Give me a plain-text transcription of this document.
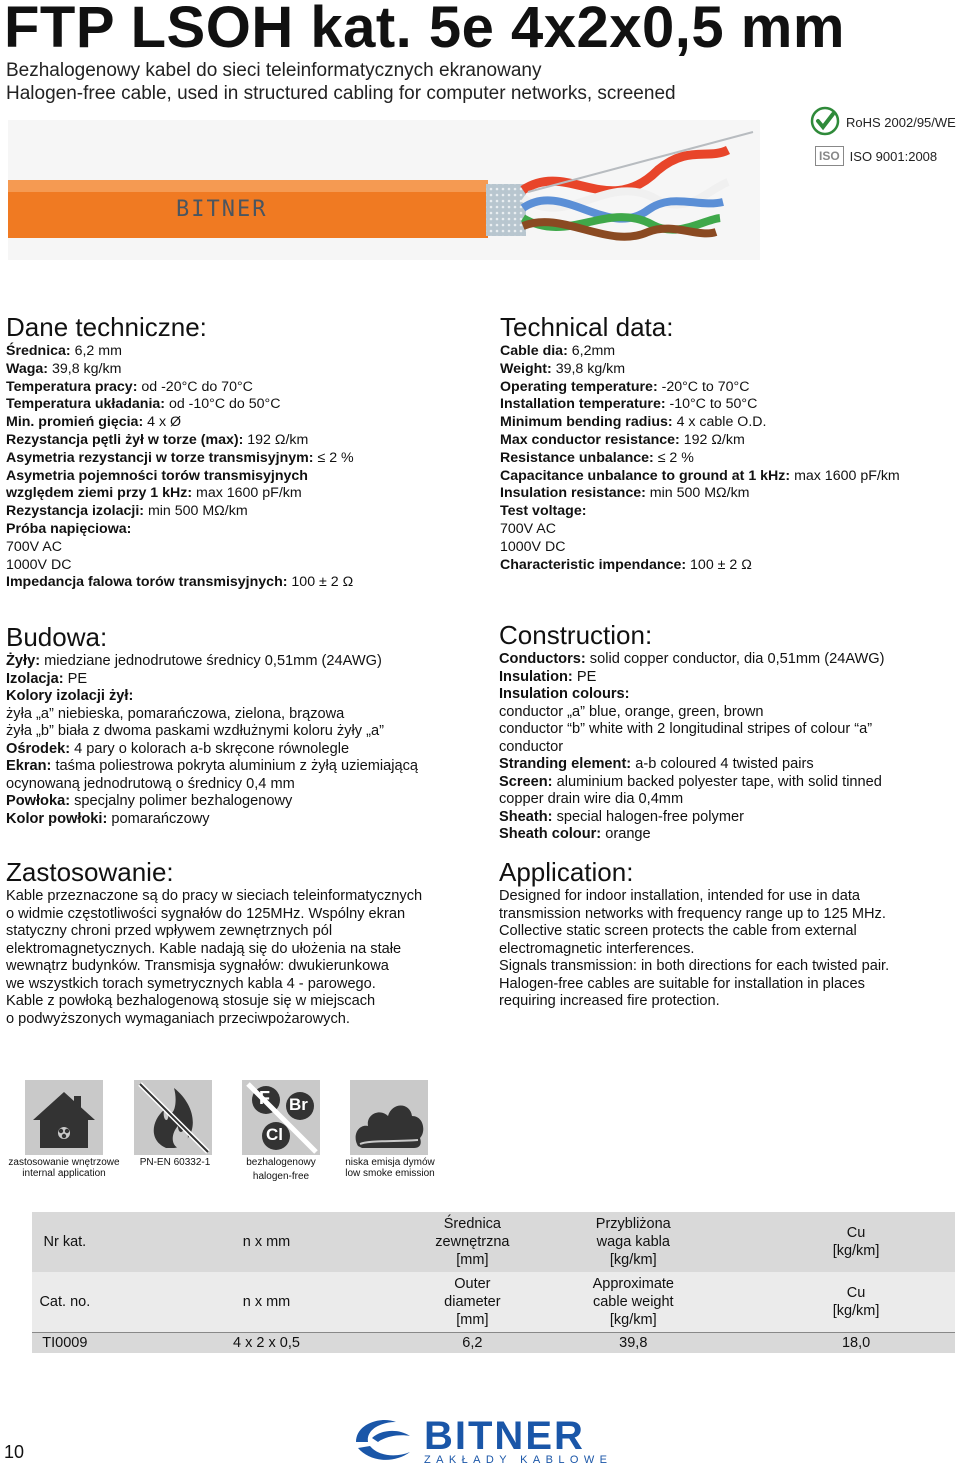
FTP LSOH kat. 5e 4x2x0,5 mm
Bezhalogenowy kabel do sieci teleinformatycznych ekranowany
Halogen-free cable, used in structured cabling for computer networks, screened
RoHS 2002/95/WE
ISO ISO 9001:2008
BITNER
Dane techniczne:
Średnica: 6,2 mm
Waga: 39,8 kg/km
Temperatura pracy: od -20°C do 70°C
Temperatura układania: od -10°C do 50°C
Min. promień gięcia: 4 x Ø
Rezystancja pętli żył w torze (max): 192 Ω/km
Asymetria rezystancji w torze transmisyjnym: ≤ 2 %
Asymetria pojemności torów transmisyjnych
względem ziemi przy 1 kHz: max 1600 pF/km
Rezystancja izolacji: min 500 MΩ/km
Próba napięciowa:
700V AC
1000V DC
Impedancja falowa torów transmisyjnych: 100 ± 2 Ω
Technical data:
Cable dia: 6,2mm
Weight: 39,8 kg/km
Operating temperature: -20°C to 70°C
Installation temperature: -10°C to 50°C
Minimum bending radius: 4 x cable O.D.
Max conductor resistance: 192 Ω/km
Resistance unbalance: ≤ 2 %
Capacitance unbalance to ground at 1 kHz: max 1600 pF/km
Insulation resistance: min 500 MΩ/km
Test voltage:
700V AC
1000V DC
Characteristic impendance: 100 ± 2 Ω
Budowa:
Żyły: miedziane jednodrutowe średnicy 0,51mm (24AWG)
Izolacja: PE
Kolory izolacji żył:
żyła „a” niebieska, pomarańczowa, zielona, brązowa
żyła „b” biała z dwoma paskami wzdłużnymi koloru żyły „a”
Ośrodek: 4 pary o kolorach a-b skręcone równolegle
Ekran: taśma poliestrowa pokryta aluminium z żyłą uziemiającą
ocynowaną jednodrutową o średnicy 0,4 mm
Powłoka: specjalny polimer bezhalogenowy
Kolor powłoki: pomarańczowy
Construction:
Conductors: solid copper conductor, dia 0,51mm (24AWG)
Insulation: PE
Insulation colours:
conductor „a” blue, orange, green, brown
conductor “b” white with 2 longitudinal stripes of colour “a”
conductor
Stranding element: a-b coloured 4 twisted pairs
Screen: aluminium backed polyester tape, with solid tinned
copper drain wire dia 0,4mm
Sheath: special halogen-free polymer
Sheath colour: orange
Zastosowanie:
Kable przeznaczone są do pracy w sieciach teleinformatycznych
o widmie częstotliwości sygnałów do 125MHz. Wspólny ekran
statyczny chroni przed wpływem zewnętrznych pól
elektromagnetycznych. Kable nadają się do ułożenia na stałe
wewnątrz budynków. Transmisja sygnałów: dwukierunkowa
we wszystkich torach symetrycznych kabla 4 - parowego.
Kable z powłoką bezhalogenową stosuje się w miejscach
o podwyższonych wymaganiach przeciwpożarowych.
Application:
Designed for indoor installation, intended for use in data
transmission networks with frequency range up to 125 MHz.
Collective static screen protects the cable from external
electromagnetic interferences.
Signals transmission: in both directions for each twisted pair.
Halogen-free cables are suitable for installation in places
requiring increased fire protection.
F Br
Cl
zastosowanie wnętrzowe
internal application
PN-EN 60332-1	bezhalogenowy
halogen-free
niska emisja dymów
low smoke emission
Nr kat.	n x mm	Średnica
zewnętrzna
[mm]	Przybliżona
waga kabla
[kg/km]	Cu
[kg/km]
Cat. no.	n x mm	Outer
diameter
[mm]	Approximate
cable weight
[kg/km]	Cu
[kg/km]
TI0009	4 x 2 x 0,5	6,2	39,8	18,0
10	BITNER
ZAKŁADY KABLOWE
